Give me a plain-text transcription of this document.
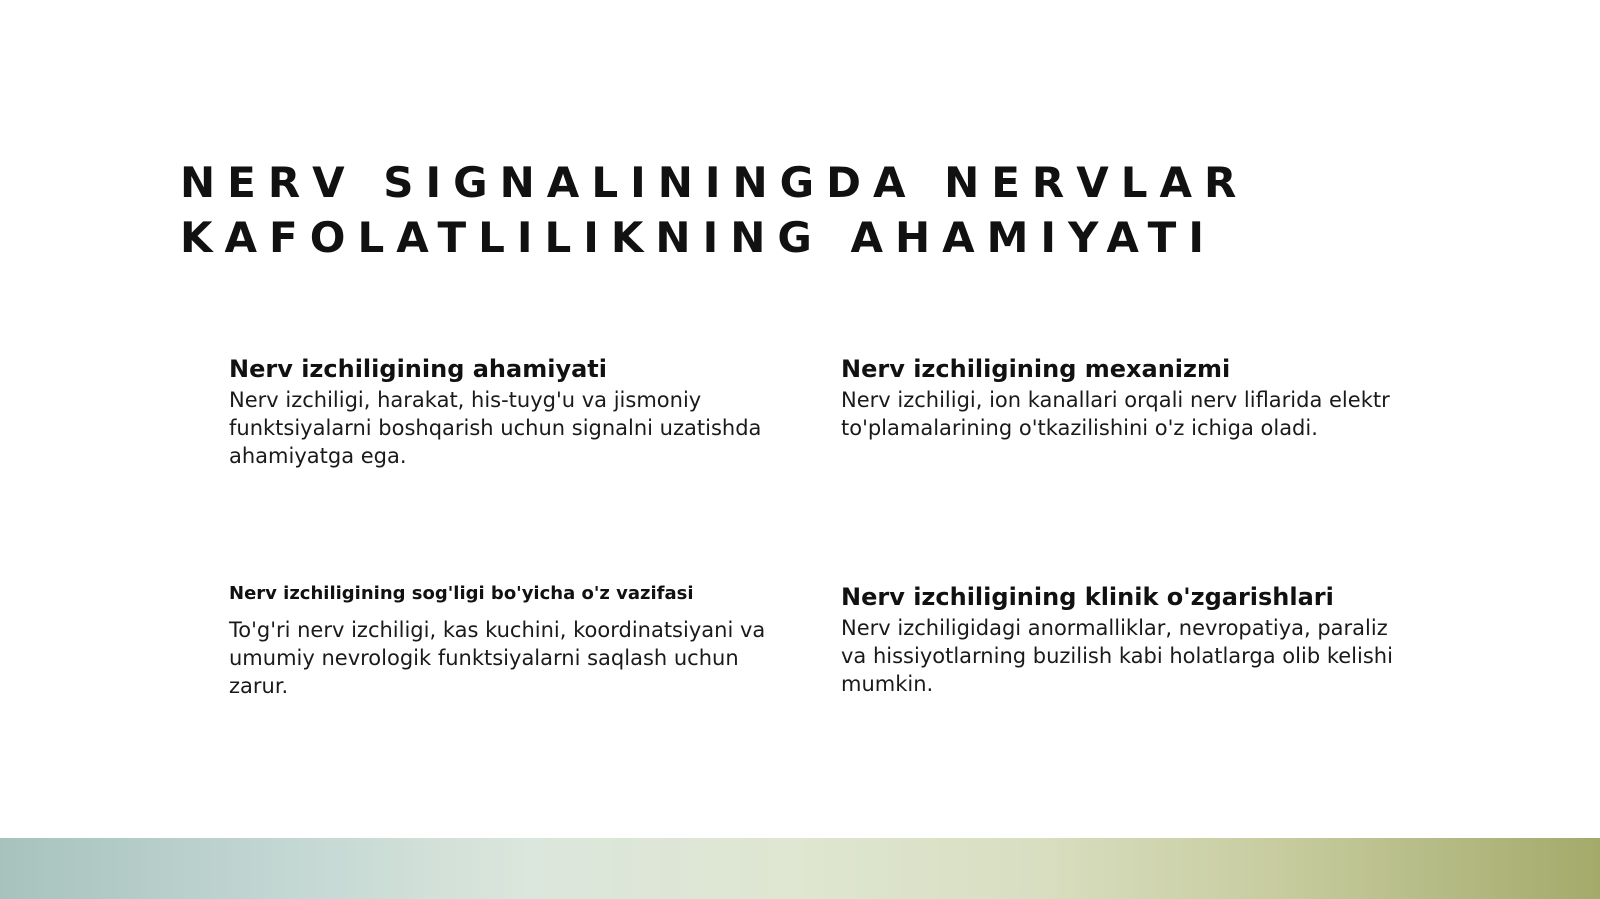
NERV SIGNALININGDA NERVLAR
KAFOLATLILIKNING AHAMIYATI
Nerv izchiligining ahamiyati

Nerv izchiligi, harakat, his-tuyg'u va jismoniy funktsiyalarni boshqarish uchun signalni uzatishda ahamiyatga ega.

Nerv izchiligining mexanizmi

Nerv izchiligi, ion kanallari orqali nerv liflarida elektr to'plamalarining o'tkazilishini o'z ichiga oladi.

Nerv izchiligining sog'ligi bo'yicha o'z vazifasi

To'g'ri nerv izchiligi, kas kuchini, koordinatsiyani va umumiy nevrologik funktsiyalarni saqlash uchun zarur.

Nerv izchiligining klinik o'zgarishlari

Nerv izchiligidagi anormalliklar, nevropatiya, paraliz va hissiyotlarning buzilish kabi holatlarga olib kelishi mumkin.
